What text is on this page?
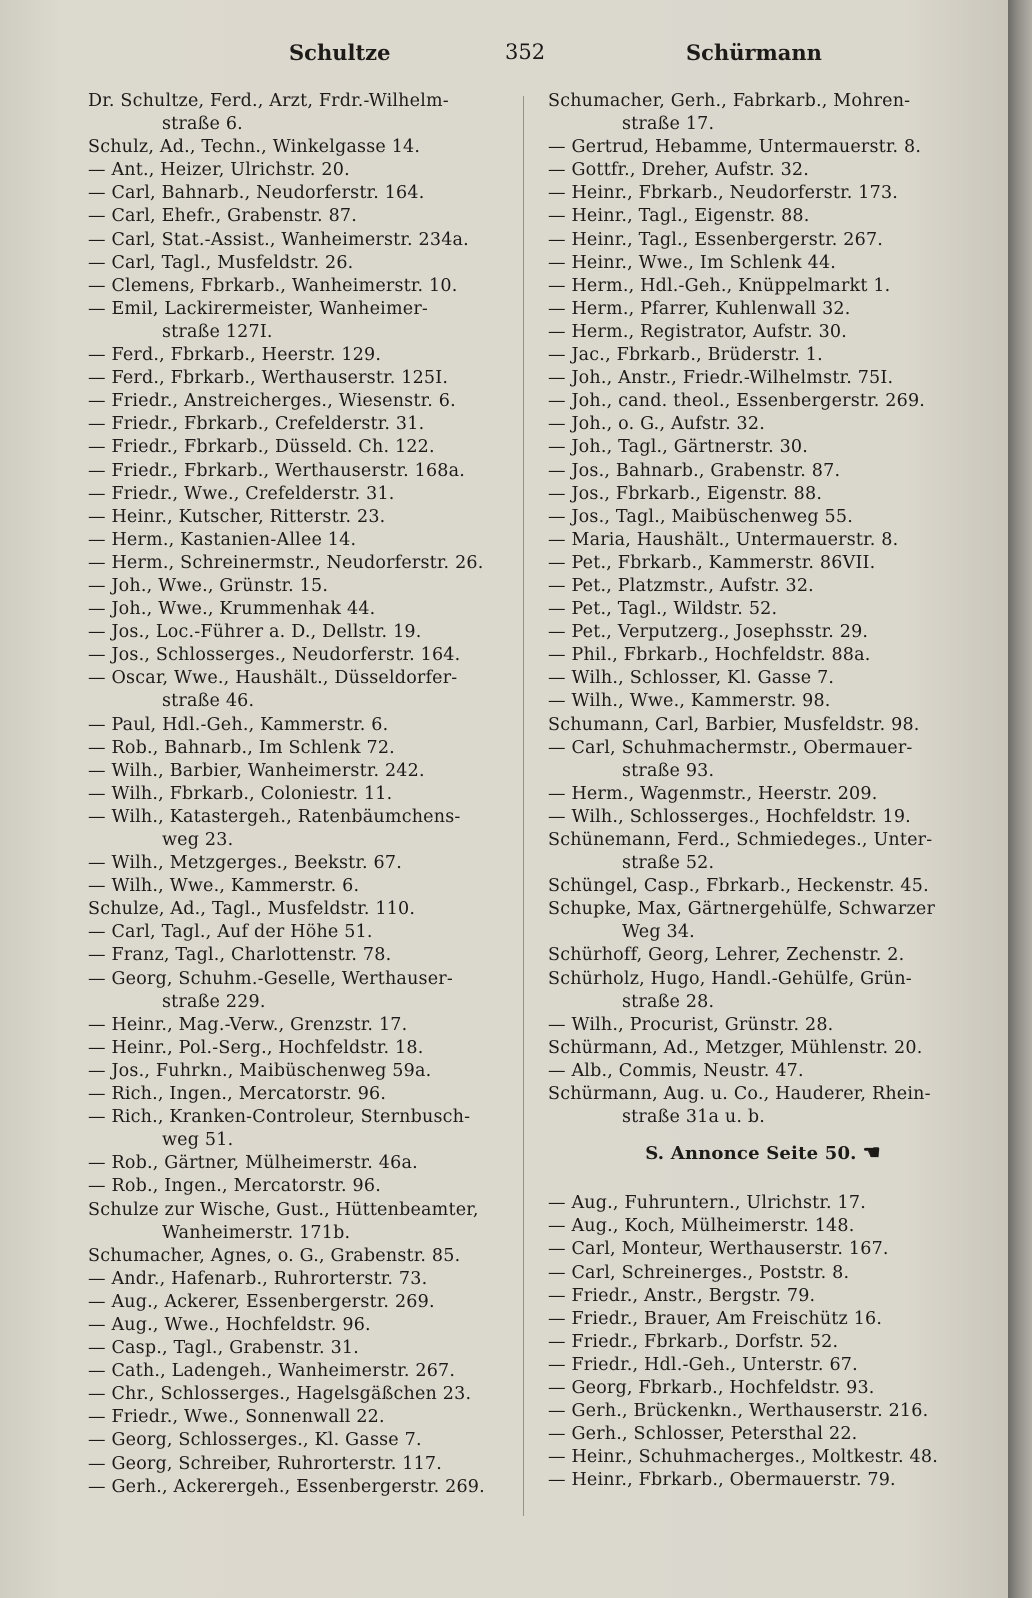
Schultze	352	Schürmann
Dr. Schultze, Ferd., Arzt, Frdr.-Wilhelm-
straße 6.
Schulz, Ad., Techn., Winkelgasse 14.
— Ant., Heizer, Ulrichstr. 20.
— Carl, Bahnarb., Neudorferstr. 164.
— Carl, Ehefr., Grabenstr. 87.
— Carl, Stat.-Assist., Wanheimerstr. 234a.
— Carl, Tagl., Musfeldstr. 26.
— Clemens, Fbrkarb., Wanheimerstr. 10.
— Emil, Lackirermeister, Wanheimer-
straße 127I.
— Ferd., Fbrkarb., Heerstr. 129.
— Ferd., Fbrkarb., Werthauserstr. 125I.
— Friedr., Anstreicherges., Wiesenstr. 6.
— Friedr., Fbrkarb., Crefelderstr. 31.
— Friedr., Fbrkarb., Düsseld. Ch. 122.
— Friedr., Fbrkarb., Werthauserstr. 168a.
— Friedr., Wwe., Crefelderstr. 31.
— Heinr., Kutscher, Ritterstr. 23.
— Herm., Kastanien-Allee 14.
— Herm., Schreinermstr., Neudorferstr. 26.
— Joh., Wwe., Grünstr. 15.
— Joh., Wwe., Krummenhak 44.
— Jos., Loc.-Führer a. D., Dellstr. 19.
— Jos., Schlosserges., Neudorferstr. 164.
— Oscar, Wwe., Haushält., Düsseldorfer-
straße 46.
— Paul, Hdl.-Geh., Kammerstr. 6.
— Rob., Bahnarb., Im Schlenk 72.
— Wilh., Barbier, Wanheimerstr. 242.
— Wilh., Fbrkarb., Coloniestr. 11.
— Wilh., Katastergeh., Ratenbäumchens-
weg 23.
— Wilh., Metzgerges., Beekstr. 67.
— Wilh., Wwe., Kammerstr. 6.
Schulze, Ad., Tagl., Musfeldstr. 110.
— Carl, Tagl., Auf der Höhe 51.
— Franz, Tagl., Charlottenstr. 78.
— Georg, Schuhm.-Geselle, Werthauser-
straße 229.
— Heinr., Mag.-Verw., Grenzstr. 17.
— Heinr., Pol.-Serg., Hochfeldstr. 18.
— Jos., Fuhrkn., Maibüschenweg 59a.
— Rich., Ingen., Mercatorstr. 96.
— Rich., Kranken-Controleur, Sternbusch-
weg 51.
— Rob., Gärtner, Mülheimerstr. 46a.
— Rob., Ingen., Mercatorstr. 96.
Schulze zur Wische, Gust., Hüttenbeamter,
Wanheimerstr. 171b.
Schumacher, Agnes, o. G., Grabenstr. 85.
— Andr., Hafenarb., Ruhrorterstr. 73.
— Aug., Ackerer, Essenbergerstr. 269.
— Aug., Wwe., Hochfeldstr. 96.
— Casp., Tagl., Grabenstr. 31.
— Cath., Ladengeh., Wanheimerstr. 267.
— Chr., Schlosserges., Hagelsgäßchen 23.
— Friedr., Wwe., Sonnenwall 22.
— Georg, Schlosserges., Kl. Gasse 7.
— Georg, Schreiber, Ruhrorterstr. 117.
— Gerh., Ackerergeh., Essenbergerstr. 269.
Schumacher, Gerh., Fabrkarb., Mohren-
straße 17.
— Gertrud, Hebamme, Untermauerstr. 8.
— Gottfr., Dreher, Aufstr. 32.
— Heinr., Fbrkarb., Neudorferstr. 173.
— Heinr., Tagl., Eigenstr. 88.
— Heinr., Tagl., Essenbergerstr. 267.
— Heinr., Wwe., Im Schlenk 44.
— Herm., Hdl.-Geh., Knüppelmarkt 1.
— Herm., Pfarrer, Kuhlenwall 32.
— Herm., Registrator, Aufstr. 30.
— Jac., Fbrkarb., Brüderstr. 1.
— Joh., Anstr., Friedr.-Wilhelmstr. 75I.
— Joh., cand. theol., Essenbergerstr. 269.
— Joh., o. G., Aufstr. 32.
— Joh., Tagl., Gärtnerstr. 30.
— Jos., Bahnarb., Grabenstr. 87.
— Jos., Fbrkarb., Eigenstr. 88.
— Jos., Tagl., Maibüschenweg 55.
— Maria, Haushält., Untermauerstr. 8.
— Pet., Fbrkarb., Kammerstr. 86VII.
— Pet., Platzmstr., Aufstr. 32.
— Pet., Tagl., Wildstr. 52.
— Pet., Verputzerg., Josephsstr. 29.
— Phil., Fbrkarb., Hochfeldstr. 88a.
— Wilh., Schlosser, Kl. Gasse 7.
— Wilh., Wwe., Kammerstr. 98.
Schumann, Carl, Barbier, Musfeldstr. 98.
— Carl, Schuhmachermstr., Obermauer-
straße 93.
— Herm., Wagenmstr., Heerstr. 209.
— Wilh., Schlosserges., Hochfeldstr. 19.
Schünemann, Ferd., Schmiedeges., Unter-
straße 52.
Schüngel, Casp., Fbrkarb., Heckenstr. 45.
Schupke, Max, Gärtnergehülfe, Schwarzer
Weg 34.
Schürhoff, Georg, Lehrer, Zechenstr. 2.
Schürholz, Hugo, Handl.-Gehülfe, Grün-
straße 28.
— Wilh., Procurist, Grünstr. 28.
Schürmann, Ad., Metzger, Mühlenstr. 20.
— Alb., Commis, Neustr. 47.
Schürmann, Aug. u. Co., Hauderer, Rhein-
straße 31a u. b.
S. Annonce Seite 50. ☚
— Aug., Fuhruntern., Ulrichstr. 17.
— Aug., Koch, Mülheimerstr. 148.
— Carl, Monteur, Werthauserstr. 167.
— Carl, Schreinerges., Poststr. 8.
— Friedr., Anstr., Bergstr. 79.
— Friedr., Brauer, Am Freischütz 16.
— Friedr., Fbrkarb., Dorfstr. 52.
— Friedr., Hdl.-Geh., Unterstr. 67.
— Georg, Fbrkarb., Hochfeldstr. 93.
— Gerh., Brückenkn., Werthauserstr. 216.
— Gerh., Schlosser, Petersthal 22.
— Heinr., Schuhmacherges., Moltkestr. 48.
— Heinr., Fbrkarb., Obermauerstr. 79.
